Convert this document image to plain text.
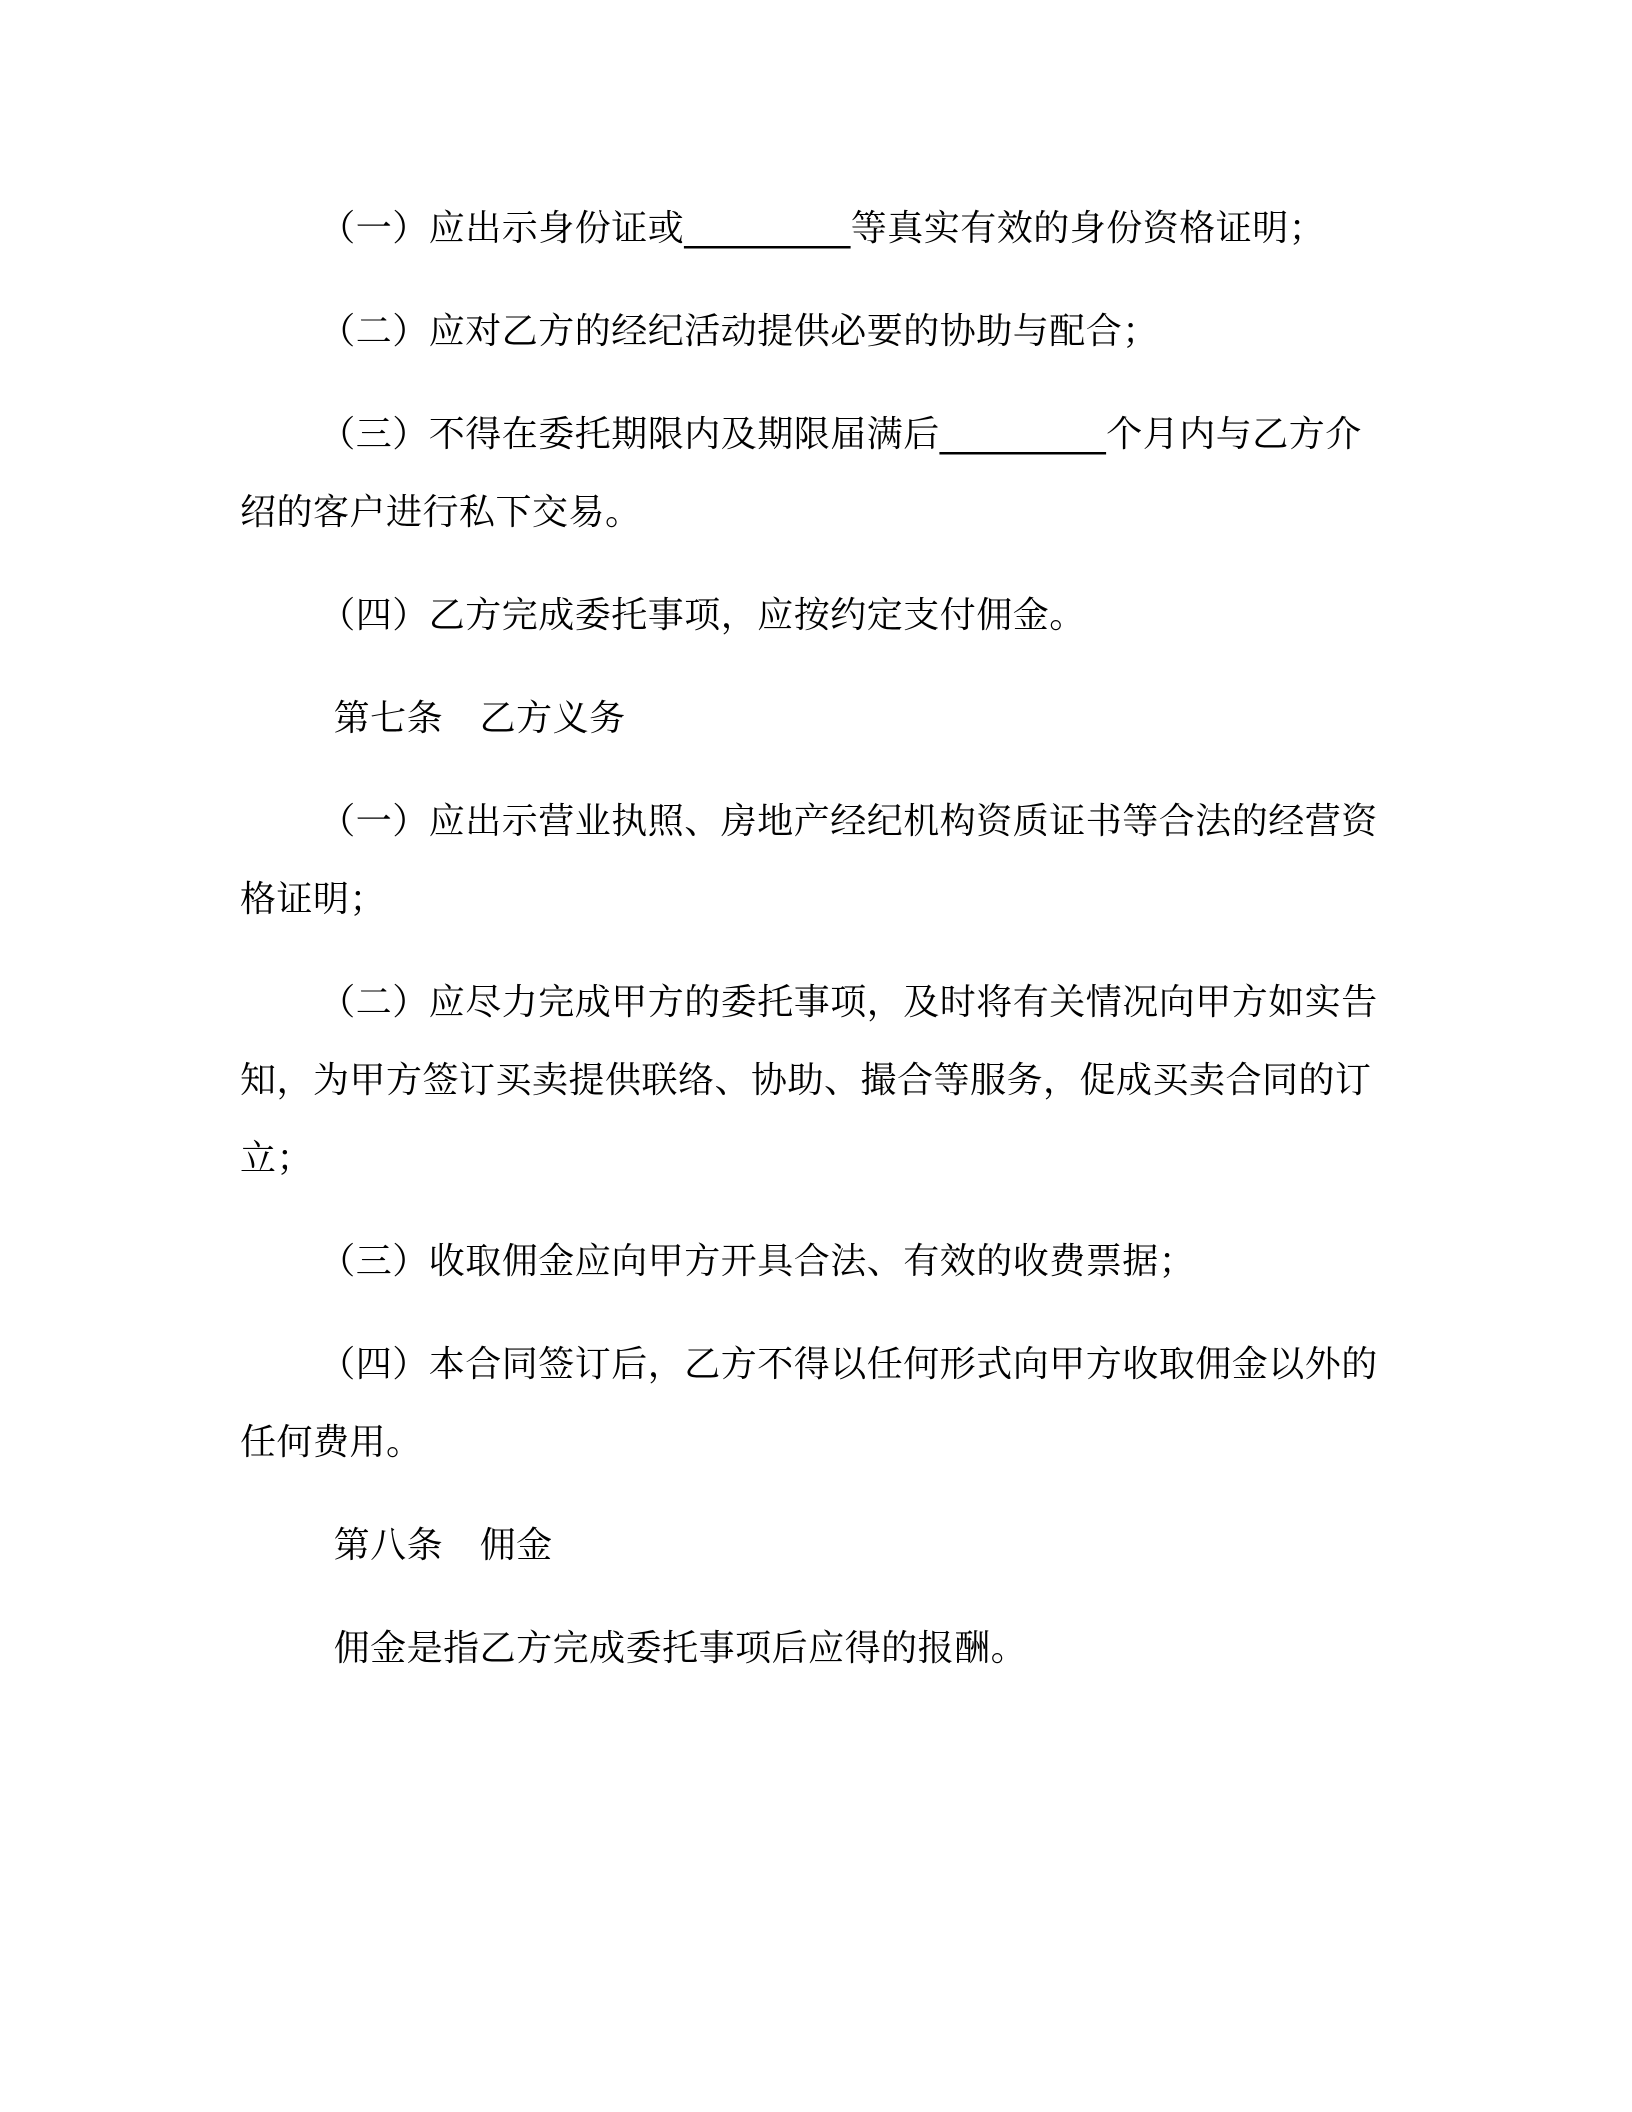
（一）应出示身份证或_________等真实有效的身份资格证明；

（二）应对乙方的经纪活动提供必要的协助与配合；

（三）不得在委托期限内及期限届满后_________个月内与乙方介绍的客户进行私下交易。

（四）乙方完成委托事项，应按约定支付佣金。

第七条　乙方义务

（一）应出示营业执照、房地产经纪机构资质证书等合法的经营资格证明；

（二）应尽力完成甲方的委托事项，及时将有关情况向甲方如实告知，为甲方签订买卖提供联络、协助、撮合等服务，促成买卖合同的订立；

（三）收取佣金应向甲方开具合法、有效的收费票据；

（四）本合同签订后，乙方不得以任何形式向甲方收取佣金以外的任何费用。

第八条　佣金

佣金是指乙方完成委托事项后应得的报酬。
